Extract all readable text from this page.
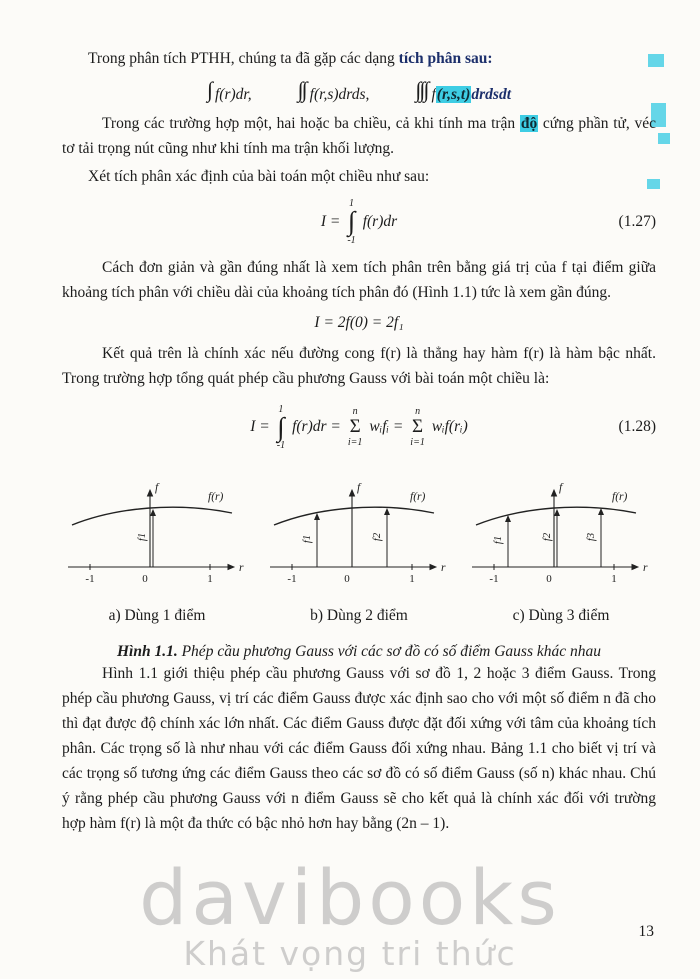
davibooks
Khát vọng tri thức

Trong phân tích PTHH, chúng ta đã gặp các dạng tích phân sau:

∫ f(r)dr, ∫∫ f(r,s)drds, ∫∫∫ f(r,s,t)drdsdt

Trong các trường hợp một, hai hoặc ba chiều, cả khi tính ma trận độ cứng phần tử, véc tơ tải trọng nút cũng như khi tính ma trận khối lượng.

Xét tích phân xác định của bài toán một chiều như sau:

I =
1
∫
-1
f(r)dr	(1.27)

Cách đơn giản và gần đúng nhất là xem tích phân trên bằng giá trị của f tại điểm giữa khoảng tích phân với chiều dài của khoảng tích phân đó (Hình 1.1) tức là xem gần đúng.

I = 2f(0) = 2f₁

Kết quả trên là chính xác nếu đường cong f(r) là thẳng hay hàm f(r) là hàm bậc nhất. Trong trường hợp tổng quát phép cầu phương Gauss với bài toán một chiều là:

I =
1
∫
-1
f(r)dr =
n
Σ
i=1
wᵢfᵢ =
n
Σ
i=1
wᵢf(rᵢ)	(1.28)
f1
f
r
f(r)
-1	0	1
a) Dùng 1 điểm
f1	f2
f
r
f(r)
-1	0	1
b) Dùng 2 điểm
f1	f2	f3
f
r
f(r)
-1	0	1
c) Dùng 3 điểm
Hình 1.1. Phép cầu phương Gauss với các sơ đồ có số điểm Gauss khác nhau

Hình 1.1 giới thiệu phép cầu phương Gauss với sơ đồ 1, 2 hoặc 3 điểm Gauss. Trong phép cầu phương Gauss, vị trí các điểm Gauss được xác định sao cho với một số điểm n đã cho thì đạt được độ chính xác lớn nhất. Các điểm Gauss được đặt đối xứng với tâm của khoảng tích phân. Các trọng số là như nhau với các điểm Gauss đối xứng nhau. Bảng 1.1 cho biết vị trí và các trọng số tương ứng các điểm Gauss theo các sơ đồ có số điểm Gauss (số n) khác nhau. Chú ý rằng phép cầu phương Gauss với n điểm Gauss sẽ cho kết quả là chính xác đối với trường hợp hàm f(r) là một đa thức có bậc nhỏ hơn hay bằng (2n – 1).

13
